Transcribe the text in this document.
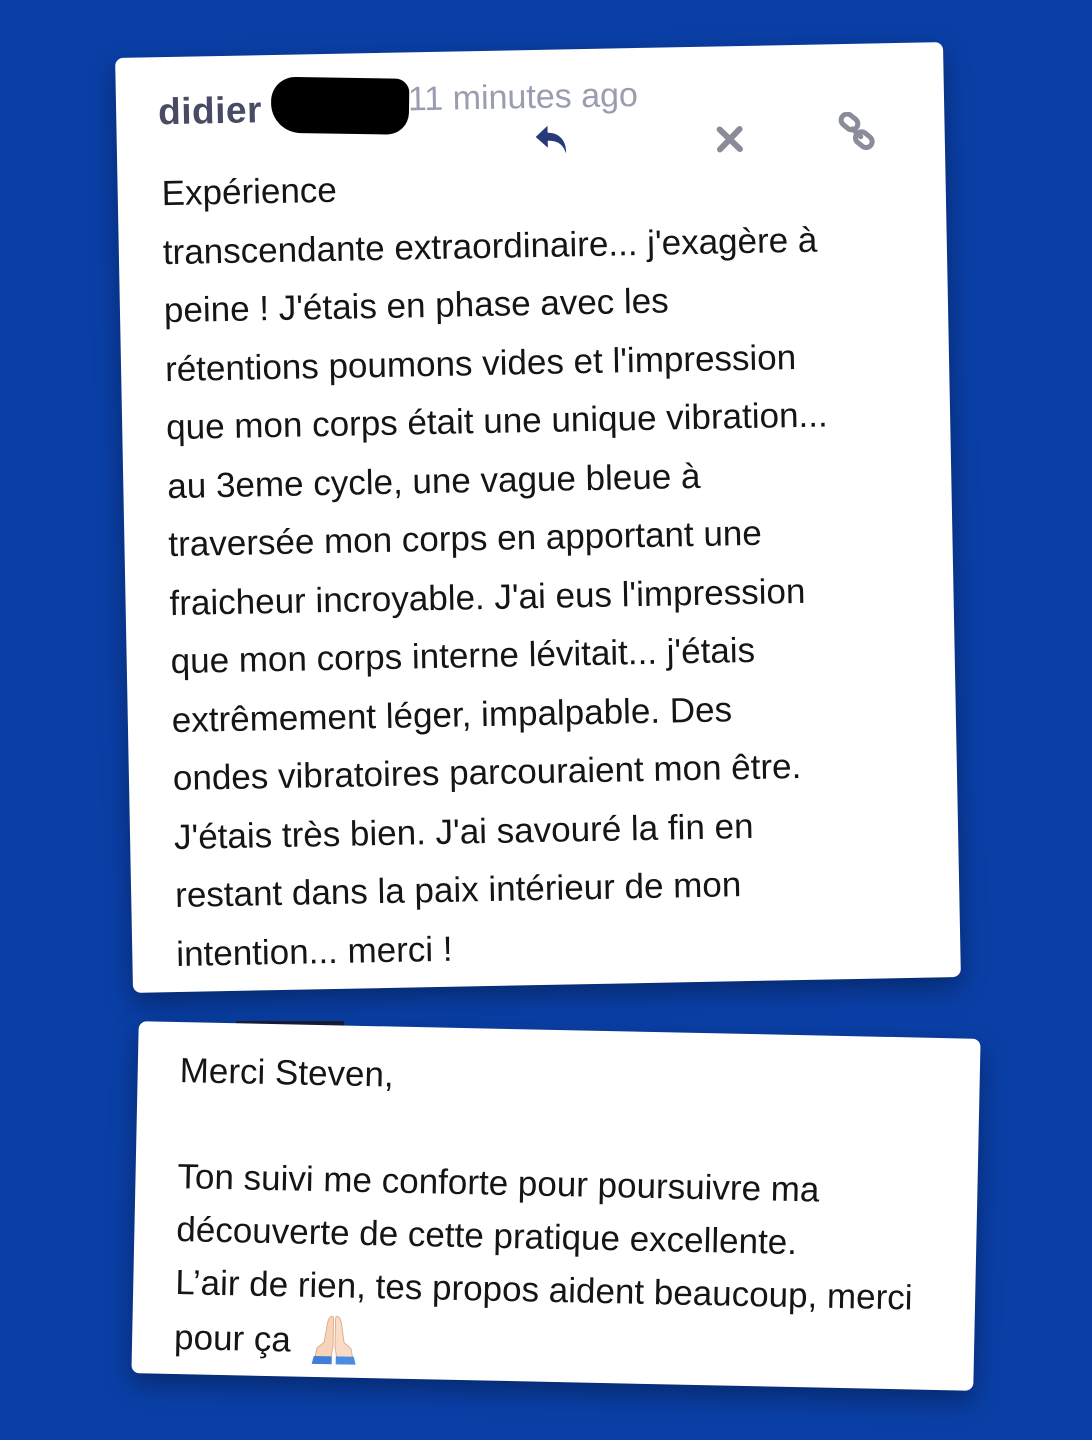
didier	11 minutes ago
Expérience
transcendante extraordinaire... j'exagère à
peine ! J'étais en phase avec les
rétentions poumons vides et l'impression
que mon corps était une unique vibration...
au 3eme cycle, une vague bleue à
traversée mon corps en apportant une
fraicheur incroyable. J'ai eus l'impression
que mon corps interne lévitait... j'étais
extrêmement léger, impalpable. Des
ondes vibratoires parcouraient mon être.
J'étais très bien. J'ai savouré la fin en
restant dans la paix intérieur de mon
intention... merci !
Merci Steven,
Ton suivi me conforte pour poursuivre ma
découverte de cette pratique excellente.
L’air de rien, tes propos aident beaucoup, merci
pour ça
